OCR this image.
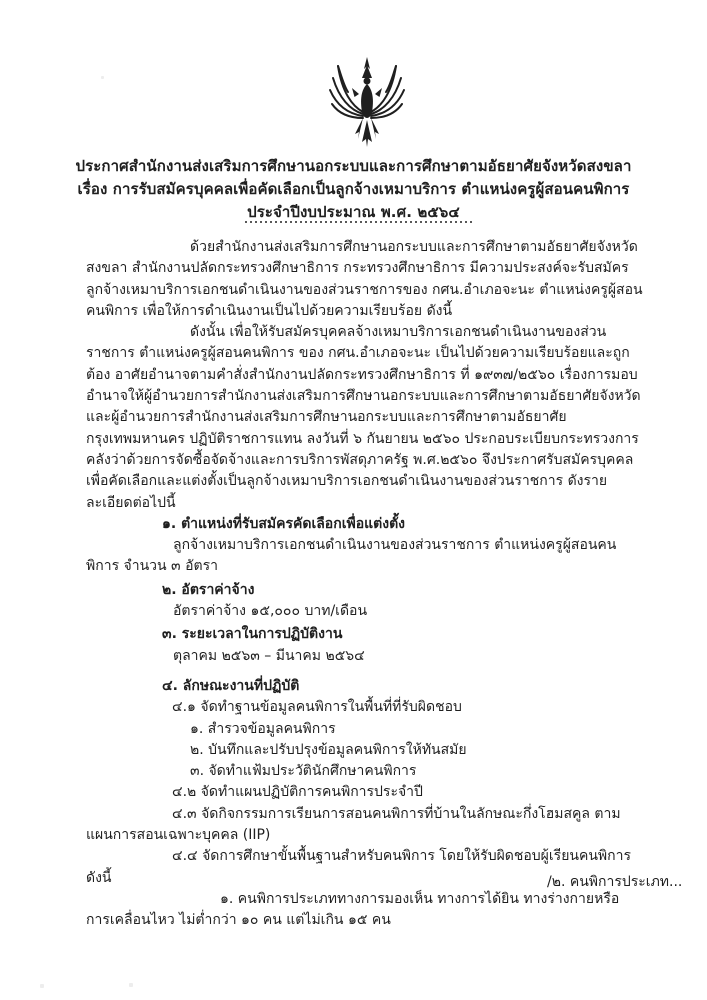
ประกาศสำนักงานส่งเสริมการศึกษานอกระบบและการศึกษาตามอัธยาศัยจังหวัดสงขลา
เรื่อง การรับสมัครบุคคลเพื่อคัดเลือกเป็นลูกจ้างเหมาบริการ ตำแหน่งครูผู้สอนคนพิการ
ประจำปีงบประมาณ พ.ศ. ๒๕๖๔

ด้วยสำนักงานส่งเสริมการศึกษานอกระบบและการศึกษาตามอัธยาศัยจังหวัดสงขลา สำนักงานปลัดกระทรวงศึกษาธิการ กระทรวงศึกษาธิการ มีความประสงค์จะรับสมัครลูกจ้างเหมาบริการเอกชนดำเนินงานของส่วนราชการของ กศน.อำเภอจะนะ ตำแหน่งครูผู้สอนคนพิการ เพื่อให้การดำเนินงานเป็นไปด้วยความเรียบร้อย ดังนี้

ดังนั้น เพื่อให้รับสมัครบุคคลจ้างเหมาบริการเอกชนดำเนินงานของส่วนราชการ ตำแหน่งครูผู้สอนคนพิการ ของ กศน.อำเภอจะนะ เป็นไปด้วยความเรียบร้อยและถูกต้อง อาศัยอำนาจตามคำสั่งสำนักงานปลัดกระทรวงศึกษาธิการ ที่ ๑๙๓๗/๒๕๖๐ เรื่องการมอบอำนาจให้ผู้อำนวยการสำนักงานส่งเสริมการศึกษานอกระบบและการศึกษาตามอัธยาศัยจังหวัดและผู้อำนวยการสำนักงานส่งเสริมการศึกษานอกระบบและการศึกษาตามอัธยาศัยกรุงเทพมหานคร ปฏิบัติราชการแทน ลงวันที่ ๖ กันยายน ๒๕๖๐ ประกอบระเบียบกระทรวงการคลังว่าด้วยการจัดซื้อจัดจ้างและการบริการพัสดุภาครัฐ พ.ศ.๒๕๖๐ จึงประกาศรับสมัครบุคคลเพื่อคัดเลือกและแต่งตั้งเป็นลูกจ้างเหมาบริการเอกชนดำเนินงานของส่วนราชการ ดังรายละเอียดต่อไปนี้

๑. ตำแหน่งที่รับสมัครคัดเลือกเพื่อแต่งตั้ง
ลูกจ้างเหมาบริการเอกชนดำเนินงานของส่วนราชการ ตำแหน่งครูผู้สอนคนพิการ จำนวน ๓ อัตรา
๒. อัตราค่าจ้าง
อัตราค่าจ้าง ๑๕,๐๐๐ บาท/เดือน
๓. ระยะเวลาในการปฏิบัติงาน
ตุลาคม ๒๕๖๓ – มีนาคม ๒๕๖๔
๔. ลักษณะงานที่ปฏิบัติ
๔.๑ จัดทำฐานข้อมูลคนพิการในพื้นที่ที่รับผิดชอบ
๑. สำรวจข้อมูลคนพิการ
๒. บันทึกและปรับปรุงข้อมูลคนพิการให้ทันสมัย
๓. จัดทำแฟ้มประวัตินักศึกษาคนพิการ
๔.๒ จัดทำแผนปฏิบัติการคนพิการประจำปี
๔.๓ จัดกิจกรรมการเรียนการสอนคนพิการที่บ้านในลักษณะกึ่งโฮมสคูล ตามแผนการสอนเฉพาะบุคคล (IIP)
๔.๔ จัดการศึกษาขั้นพื้นฐานสำหรับคนพิการ โดยให้รับผิดชอบผู้เรียนคนพิการ ดังนี้
๑. คนพิการประเภททางการมองเห็น ทางการได้ยิน ทางร่างกายหรือการเคลื่อนไหว ไม่ต่ำกว่า ๑๐ คน แต่ไม่เกิน ๑๕ คน
/๒. คนพิการประเภท...
